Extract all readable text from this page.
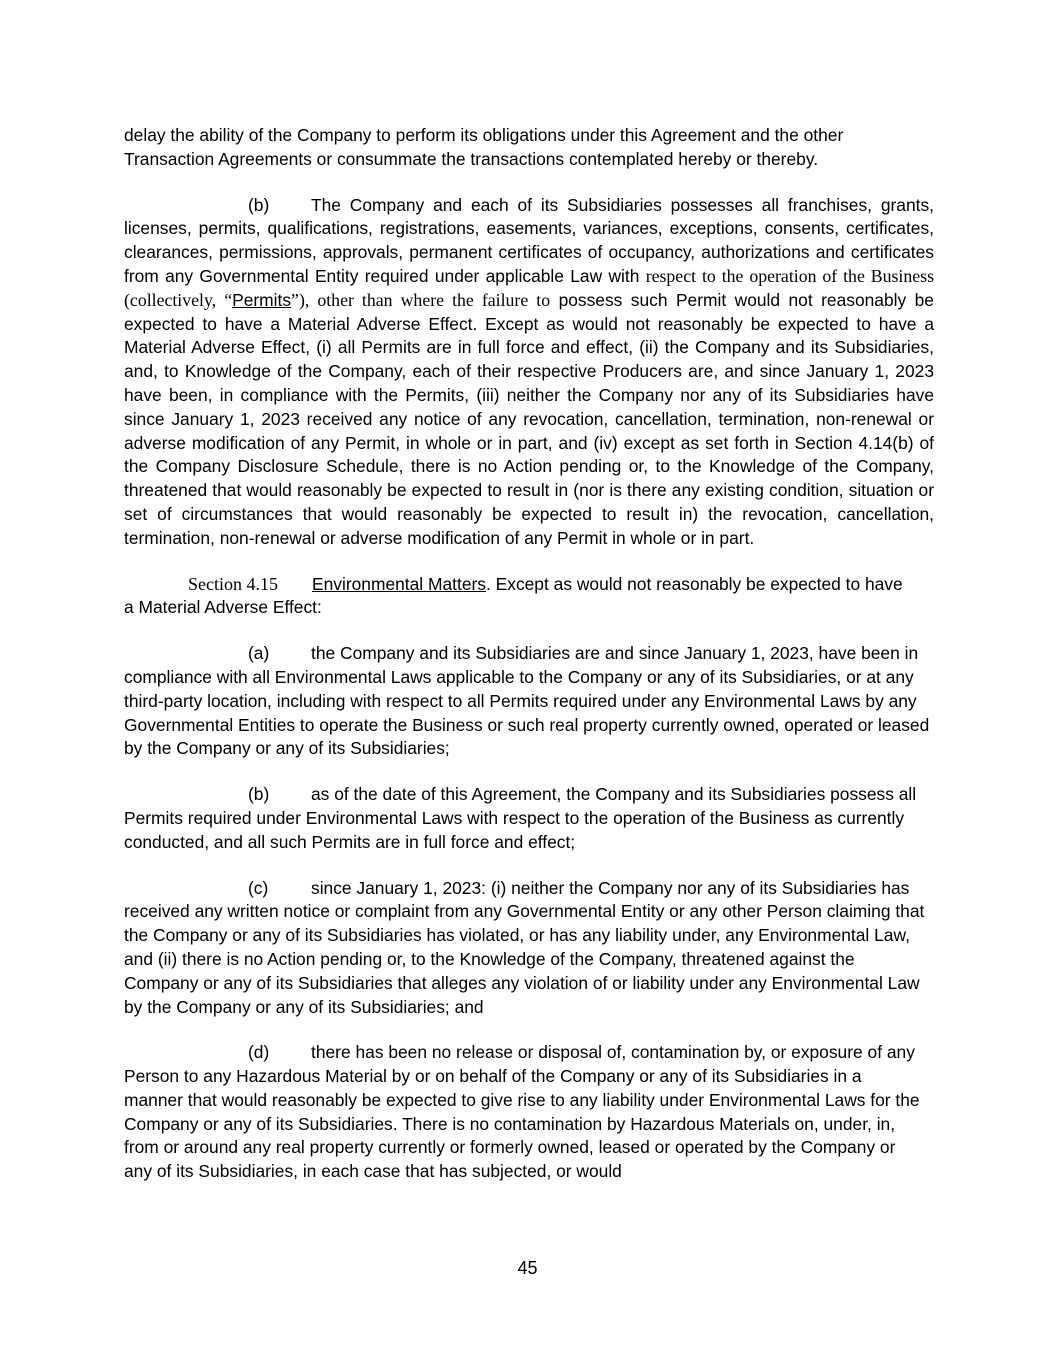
delay the ability of the Company to perform its obligations under this Agreement and the other Transaction Agreements or consummate the transactions contemplated hereby or thereby.

(b) The Company and each of its Subsidiaries possesses all franchises, grants, licenses, permits, qualifications, registrations, easements, variances, exceptions, consents, certificates, clearances, permissions, approvals, permanent certificates of occupancy, authorizations and certificates from any Governmental Entity required under applicable Law with respect to the operation of the Business (collectively, “Permits”), other than where the failure to possess such Permit would not reasonably be expected to have a Material Adverse Effect. Except as would not reasonably be expected to have a Material Adverse Effect, (i) all Permits are in full force and effect, (ii) the Company and its Subsidiaries, and, to Knowledge of the Company, each of their respective Producers are, and since January 1, 2023 have been, in compliance with the Permits, (iii) neither the Company nor any of its Subsidiaries have since January 1, 2023 received any notice of any revocation, cancellation, termination, non-renewal or adverse modification of any Permit, in whole or in part, and (iv) except as set forth in Section 4.14(b) of the Company Disclosure Schedule, there is no Action pending or, to the Knowledge of the Company, threatened that would reasonably be expected to result in (nor is there any existing condition, situation or set of circumstances that would reasonably be expected to result in) the revocation, cancellation, termination, non-renewal or adverse modification of any Permit in whole or in part.

Section 4.15 Environmental Matters. Except as would not reasonably be expected to have a Material Adverse Effect:

(a) the Company and its Subsidiaries are and since January 1, 2023, have been in compliance with all Environmental Laws applicable to the Company or any of its Subsidiaries, or at any third-party location, including with respect to all Permits required under any Environmental Laws by any Governmental Entities to operate the Business or such real property currently owned, operated or leased by the Company or any of its Subsidiaries;

(b) as of the date of this Agreement, the Company and its Subsidiaries possess all Permits required under Environmental Laws with respect to the operation of the Business as currently conducted, and all such Permits are in full force and effect;

(c) since January 1, 2023: (i) neither the Company nor any of its Subsidiaries has received any written notice or complaint from any Governmental Entity or any other Person claiming that the Company or any of its Subsidiaries has violated, or has any liability under, any Environmental Law, and (ii) there is no Action pending or, to the Knowledge of the Company, threatened against the Company or any of its Subsidiaries that alleges any violation of or liability under any Environmental Law by the Company or any of its Subsidiaries; and

(d) there has been no release or disposal of, contamination by, or exposure of any Person to any Hazardous Material by or on behalf of the Company or any of its Subsidiaries in a manner that would reasonably be expected to give rise to any liability under Environmental Laws for the Company or any of its Subsidiaries. There is no contamination by Hazardous Materials on, under, in, from or around any real property currently or formerly owned, leased or operated by the Company or any of its Subsidiaries, in each case that has subjected, or would

45
